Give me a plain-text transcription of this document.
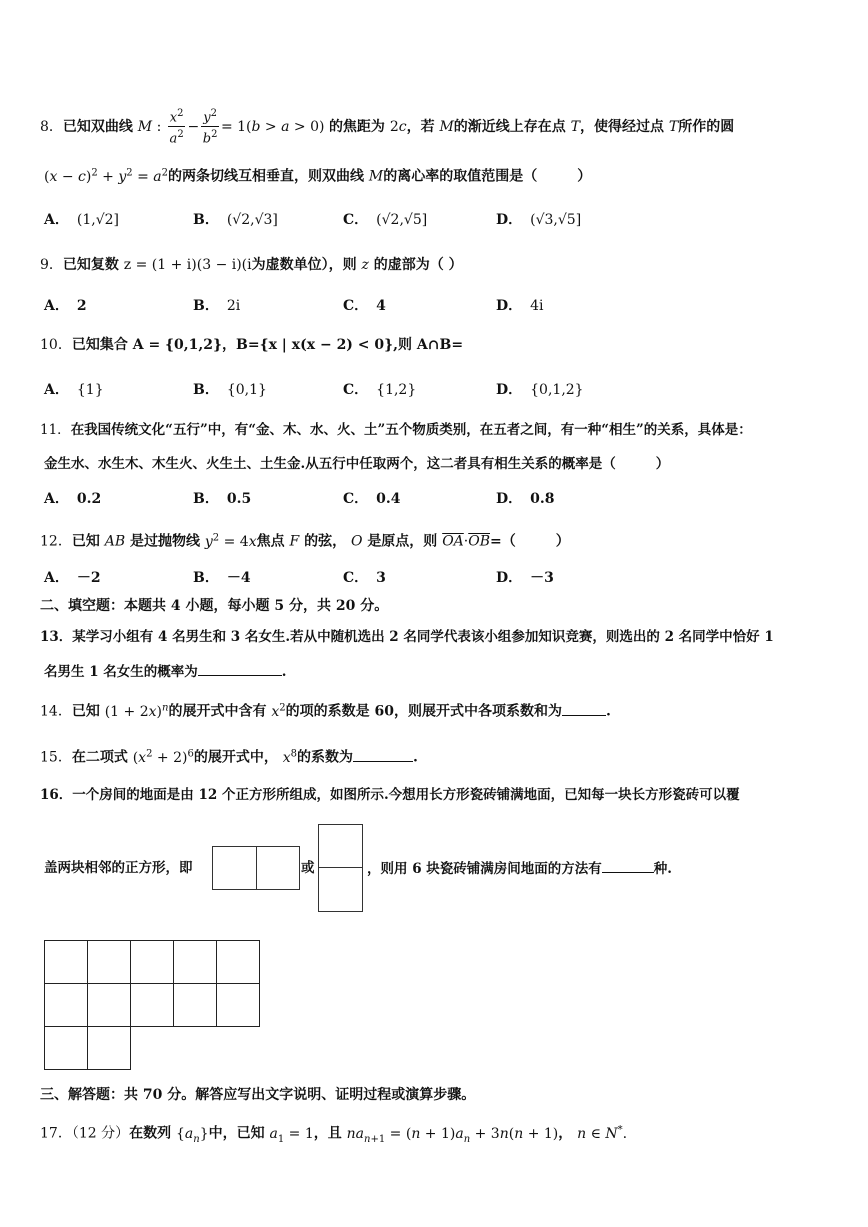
8．已知双曲线 M : $\frac{x^2}{a^2} - \frac{y^2}{b^2} = 1(b > a > 0)$ 的焦距为 2c，若 M的渐近线上存在点 T，使得经过点 T所作的圆
$(x - c)^2 + y^2 = a^2$的两条切线互相垂直，则双曲线 M的离心率的取值范围是（	）
A． (1,√2]	B． (√2,√3]	C． (√2,√5]	D． (√3,√5]
9．已知复数 z = (1 + i)(3 − i)(i为虚数单位），则 z 的虚部为（ ）
A． 2	B． 2i	C． 4	D． 4i
10．已知集合 A = {0,1,2}，B={x | x(x − 2) < 0},则 A∩B=
A． {1}	B． {0,1}	C． {1,2}	D． {0,1,2}
11．在我国传统文化“五行”中，有“金、木、水、火、土”五个物质类别，在五者之间，有一种“相生”的关系，具体是：
金生水、水生木、木生火、火生土、土生金.从五行中任取两个，这二者具有相生关系的概率是（	）
A． 0.2	B． 0.5	C． 0.4	D． 0.8
12．已知 AB 是过抛物线 $y^2 = 4x$焦点 F 的弦， O 是原点，则 $\overline{OA}\cdot\overline{OB}=$（	）
A． －2	B． －4	C． 3	D． －3
二、填空题：本题共 4 小题，每小题 5 分，共 20 分。
13．某学习小组有 4 名男生和 3 名女生.若从中随机选出 2 名同学代表该小组参加知识竞赛，则选出的 2 名同学中恰好 1
名男生 1 名女生的概率为	.
14．已知 $(1 + 2x)^n$的展开式中含有 $x^2$的项的系数是 60，则展开式中各项系数和为	.
15．在二项式 $(x^2 + 2)^6$的展开式中， $x^8$的系数为	.
16．一个房间的地面是由 12 个正方形所组成，如图所示.今想用长方形瓷砖铺满地面，已知每一块长方形瓷砖可以覆
盖两块相邻的正方形，即	或	，则用 6 块瓷砖铺满房间地面的方法有	种.
三、解答题：共 70 分。解答应写出文字说明、证明过程或演算步骤。
17．（12 分）在数列 $\{a_n\}$中，已知 $a_1 = 1$，且 $na_{n+1} = (n + 1)a_n + 3n(n + 1)$， n ∈ N*.
